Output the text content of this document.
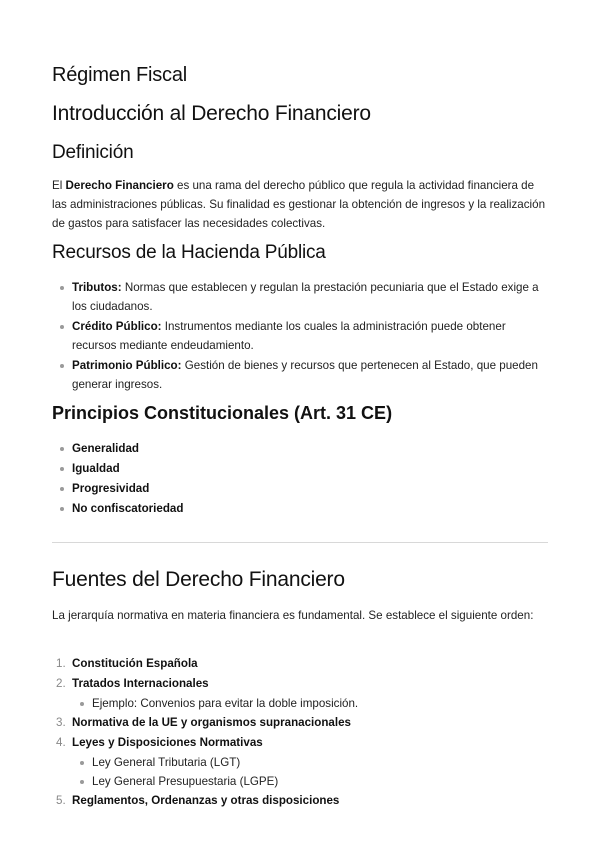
Régimen Fiscal
Introducción al Derecho Financiero
Definición

El Derecho Financiero es una rama del derecho público que regula la actividad financiera de las administraciones públicas. Su finalidad es gestionar la obtención de ingresos y la realización de gastos para satisfacer las necesidades colectivas.

Recursos de la Hacienda Pública
Tributos: Normas que establecen y regulan la prestación pecuniaria que el Estado exige a los ciudadanos.
Crédito Público: Instrumentos mediante los cuales la administración puede obtener recursos mediante endeudamiento.
Patrimonio Público: Gestión de bienes y recursos que pertenecen al Estado, que pueden generar ingresos.
Principios Constitucionales (Art. 31 CE)
Generalidad
Igualdad
Progresividad
No confiscatoriedad
Fuentes del Derecho Financiero

La jerarquía normativa en materia financiera es fundamental. Se establece el siguiente orden:

1. Constitución Española
2. Tratados Internacionales
Ejemplo: Convenios para evitar la doble imposición.
3. Normativa de la UE y organismos supranacionales
4. Leyes y Disposiciones Normativas
Ley General Tributaria (LGT)
Ley General Presupuestaria (LGPE)
5. Reglamentos, Ordenanzas y otras disposiciones
